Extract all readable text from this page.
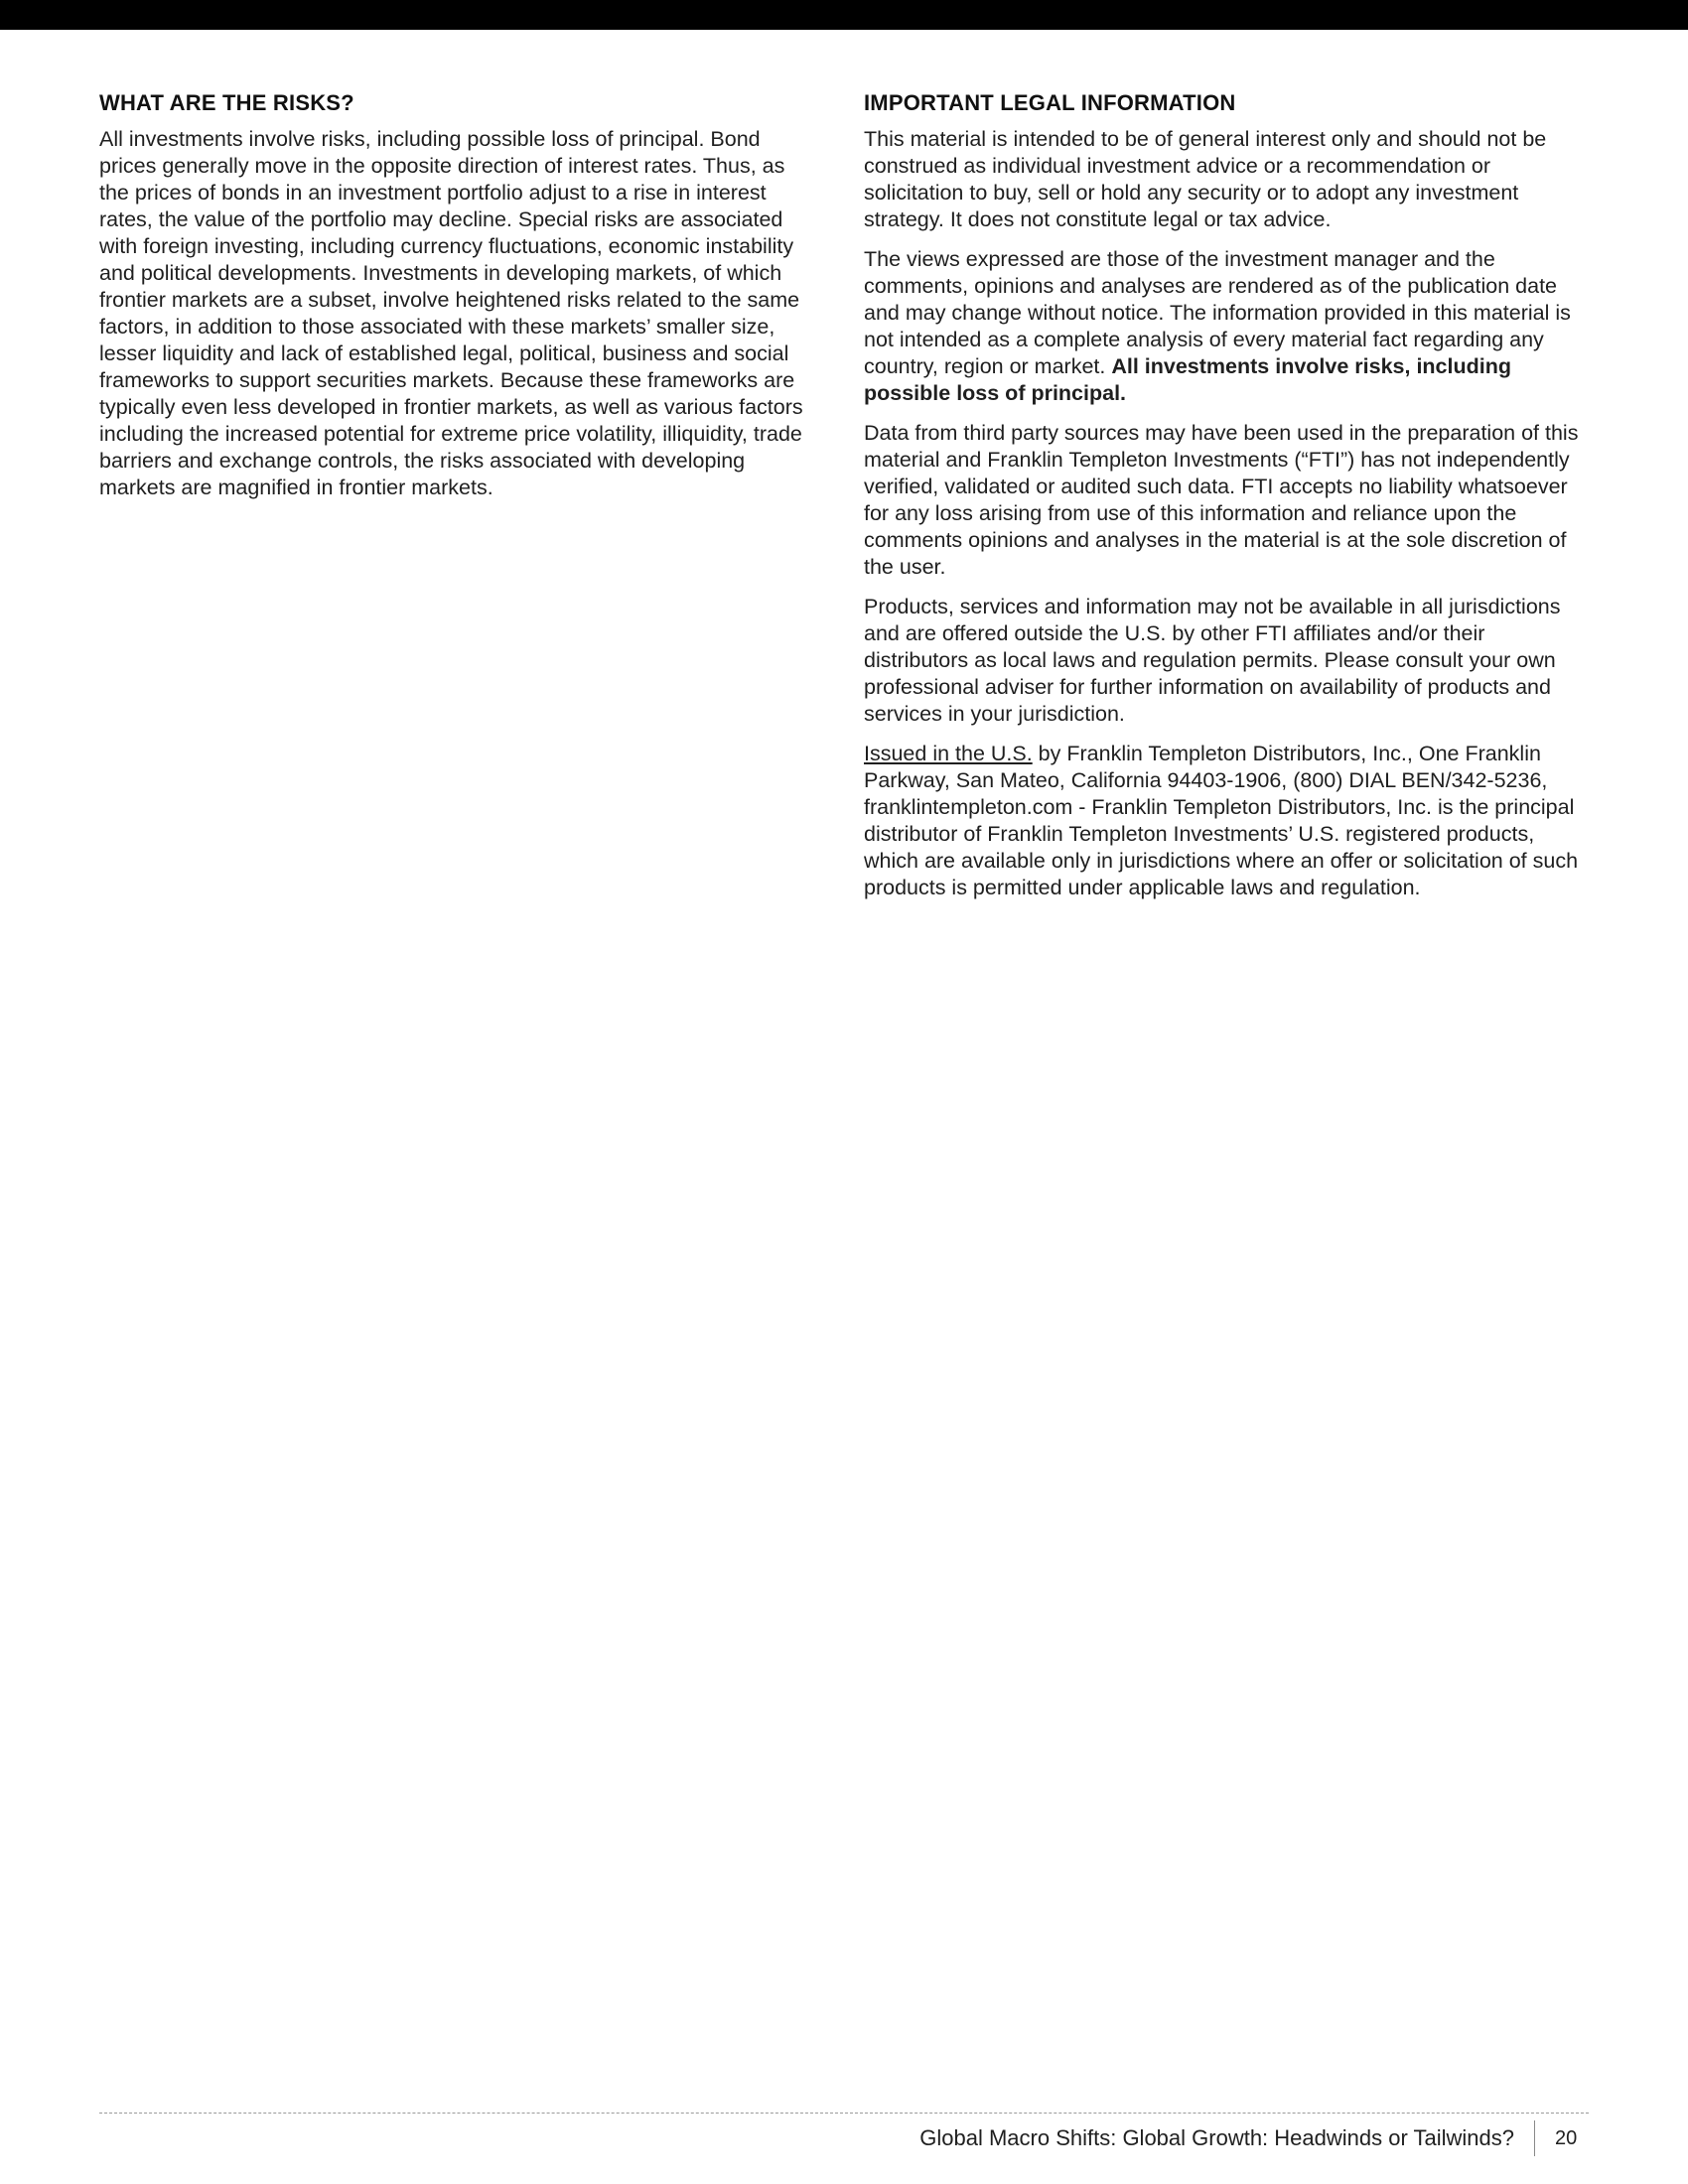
WHAT ARE THE RISKS?

All investments involve risks, including possible loss of principal. Bond prices generally move in the opposite direction of interest rates. Thus, as the prices of bonds in an investment portfolio adjust to a rise in interest rates, the value of the portfolio may decline. Special risks are associated with foreign investing, including currency fluctuations, economic instability and political developments. Investments in developing markets, of which frontier markets are a subset, involve heightened risks related to the same factors, in addition to those associated with these markets’ smaller size, lesser liquidity and lack of established legal, political, business and social frameworks to support securities markets. Because these frameworks are typically even less developed in frontier markets, as well as various factors including the increased potential for extreme price volatility, illiquidity, trade barriers and exchange controls, the risks associated with developing markets are magnified in frontier markets.

IMPORTANT LEGAL INFORMATION

This material is intended to be of general interest only and should not be construed as individual investment advice or a recommendation or solicitation to buy, sell or hold any security or to adopt any investment strategy. It does not constitute legal or tax advice.

The views expressed are those of the investment manager and the comments, opinions and analyses are rendered as of the publication date and may change without notice. The information provided in this material is not intended as a complete analysis of every material fact regarding any country, region or market. All investments involve risks, including possible loss of principal.

Data from third party sources may have been used in the preparation of this material and Franklin Templeton Investments (“FTI”) has not independently verified, validated or audited such data. FTI accepts no liability whatsoever for any loss arising from use of this information and reliance upon the comments opinions and analyses in the material is at the sole discretion of the user.

Products, services and information may not be available in all jurisdictions and are offered outside the U.S. by other FTI affiliates and/or their distributors as local laws and regulation permits. Please consult your own professional adviser for further information on availability of products and services in your jurisdiction.

Issued in the U.S. by Franklin Templeton Distributors, Inc., One Franklin Parkway, San Mateo, California 94403-1906, (800) DIAL BEN/342-5236, franklintempleton.com - Franklin Templeton Distributors, Inc. is the principal distributor of Franklin Templeton Investments’ U.S. registered products, which are available only in jurisdictions where an offer or solicitation of such products is permitted under applicable laws and regulation.

Global Macro Shifts: Global Growth: Headwinds or Tailwinds? 20
